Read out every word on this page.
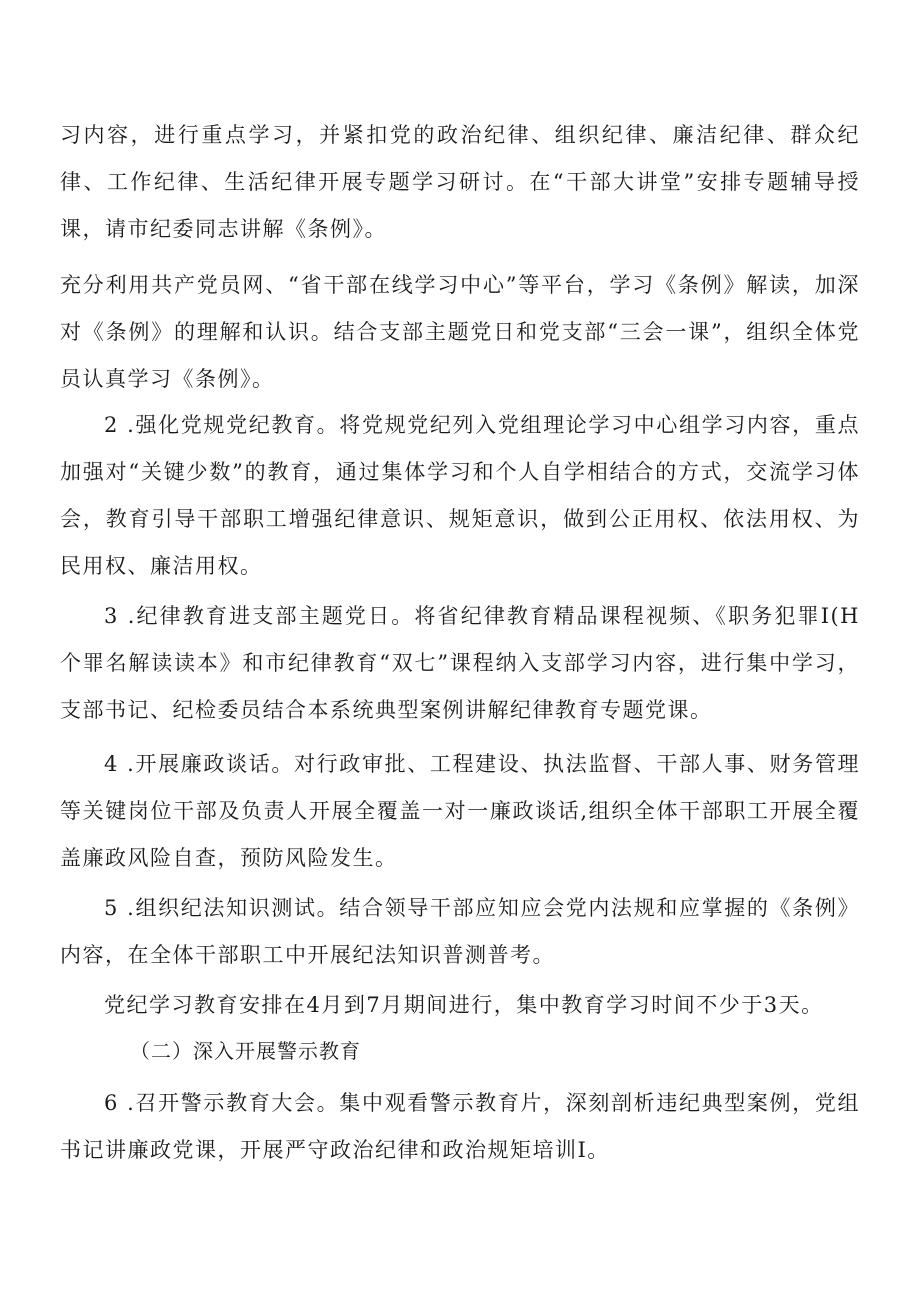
习内容，进行重点学习，并紧扣党的政治纪律、组织纪律、廉洁纪律、群众纪律、工作纪律、生活纪律开展专题学习研讨。在“干部大讲堂”安排专题辅导授课，请市纪委同志讲解《条例》。

充分利用共产党员网、“省干部在线学习中心”等平台，学习《条例》解读，加深对《条例》的理解和认识。结合支部主题党日和党支部“三会一课”，组织全体党员认真学习《条例》。

2 .强化党规党纪教育。将党规党纪列入党组理论学习中心组学习内容，重点加强对“关键少数”的教育，通过集体学习和个人自学相结合的方式，交流学习体会，教育引导干部职工增强纪律意识、规矩意识，做到公正用权、依法用权、为民用权、廉洁用权。

3 .纪律教育进支部主题党日。将省纪律教育精品课程视频、《职务犯罪I(H个罪名解读读本》和市纪律教育“双七”课程纳入支部学习内容，进行集中学习，支部书记、纪检委员结合本系统典型案例讲解纪律教育专题党课。

4 .开展廉政谈话。对行政审批、工程建设、执法监督、干部人事、财务管理等关键岗位干部及负责人开展全覆盖一对一廉政谈话,组织全体干部职工开展全覆盖廉政风险自查，预防风险发生。

5 .组织纪法知识测试。结合领导干部应知应会党内法规和应掌握的《条例》内容，在全体干部职工中开展纪法知识普测普考。

党纪学习教育安排在4月到7月期间进行，集中教育学习时间不少于3天。

（二）深入开展警示教育

6 .召开警示教育大会。集中观看警示教育片，深刻剖析违纪典型案例，党组书记讲廉政党课，开展严守政治纪律和政治规矩培训I。
